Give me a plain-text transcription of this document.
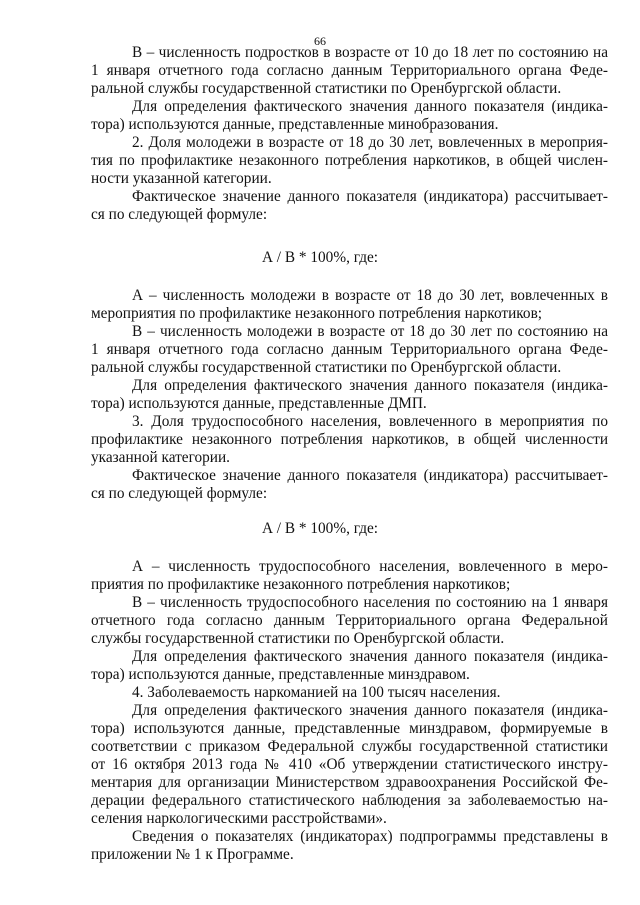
66
В – численность подростков в возрасте от 10 до 18 лет по состоянию на
1 января отчетного года согласно данным Территориального органа Феде-
ральной службы государственной статистики по Оренбургской области.
Для определения фактического значения данного показателя (индика-
тора) используются данные, представленные минобразования.
2. Доля молодежи в возрасте от 18 до 30 лет, вовлеченных в мероприя-
тия по профилактике незаконного потребления наркотиков, в общей числен-
ности указанной категории.
Фактическое значение данного показателя (индикатора) рассчитывает-
ся по следующей формуле:
А / В * 100%, где:
А – численность молодежи в возрасте от 18 до 30 лет, вовлеченных в
мероприятия по профилактике незаконного потребления наркотиков;
В – численность молодежи в возрасте от 18 до 30 лет по состоянию на
1 января отчетного года согласно данным Территориального органа Феде-
ральной службы государственной статистики по Оренбургской области.
Для определения фактического значения данного показателя (индика-
тора) используются данные, представленные ДМП.
3. Доля трудоспособного населения, вовлеченного в мероприятия по
профилактике незаконного потребления наркотиков, в общей численности
указанной категории.
Фактическое значение данного показателя (индикатора) рассчитывает-
ся по следующей формуле:
А / В * 100%, где:
А – численность трудоспособного населения, вовлеченного в меро-
приятия по профилактике незаконного потребления наркотиков;
В – численность трудоспособного населения по состоянию на 1 января
отчетного года согласно данным Территориального органа Федеральной
службы государственной статистики по Оренбургской области.
Для определения фактического значения данного показателя (индика-
тора) используются данные, представленные минздравом.
4. Заболеваемость наркоманией на 100 тысяч населения.
Для определения фактического значения данного показателя (индика-
тора) используются данные, представленные минздравом, формируемые в
соответствии с приказом Федеральной службы государственной статистики
от 16 октября 2013 года № 410 «Об утверждении статистического инстру-
ментария для организации Министерством здравоохранения Российской Фе-
дерации федерального статистического наблюдения за заболеваемостью на-
селения наркологическими расстройствами».
Сведения о показателях (индикаторах) подпрограммы представлены в
приложении № 1 к Программе.
